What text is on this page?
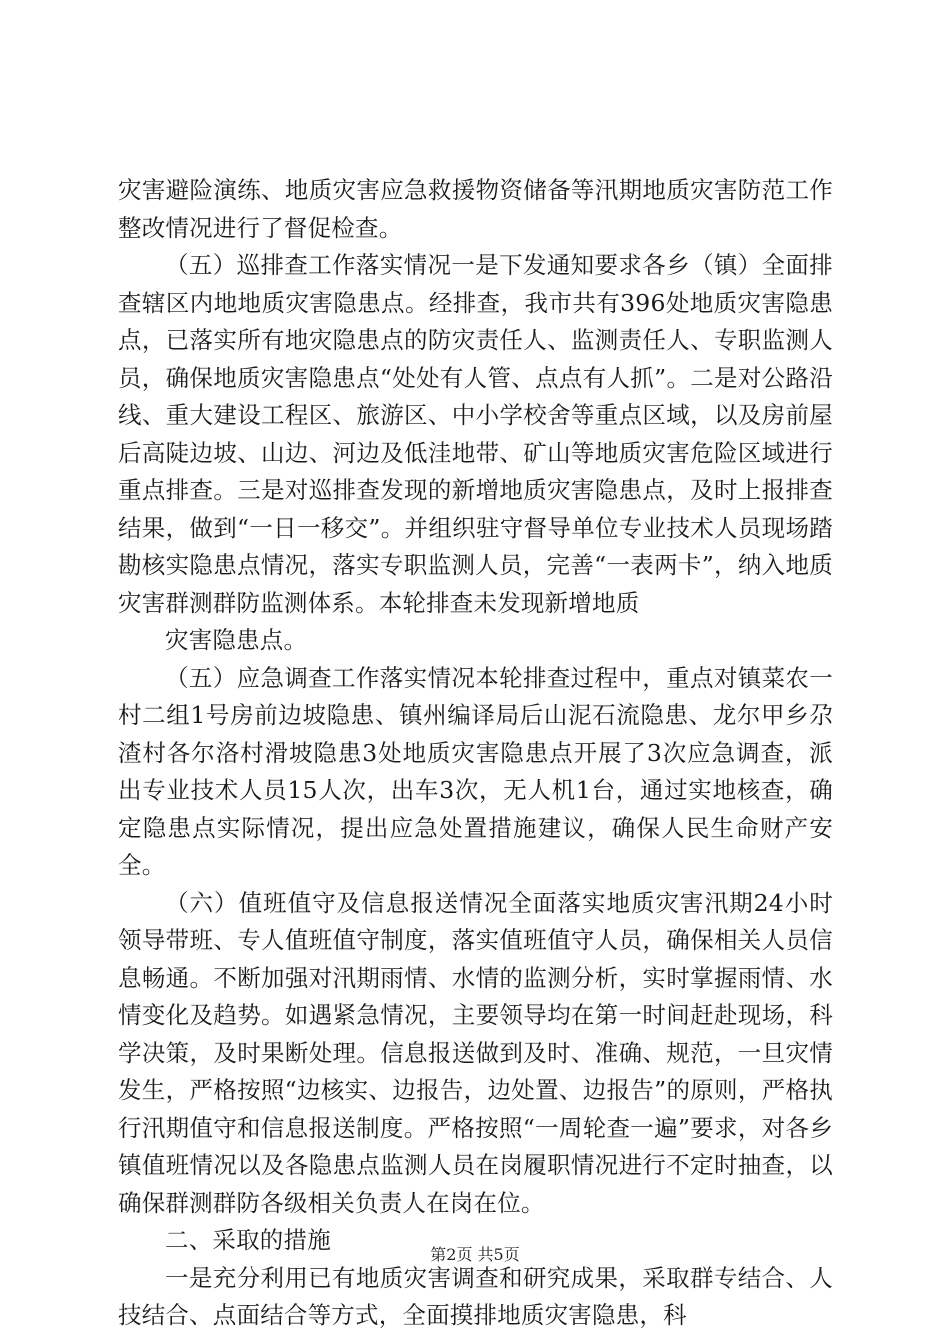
灾害避险演练、地质灾害应急救援物资储备等汛期地质灾害防范工作整改情况进行了督促检查。

（五）巡排查工作落实情况一是下发通知要求各乡（镇）全面排查辖区内地地质灾害隐患点。经排查，我市共有396处地质灾害隐患点，已落实所有地灾隐患点的防灾责任人、监测责任人、专职监测人员，确保地质灾害隐患点“处处有人管、点点有人抓”。二是对公路沿线、重大建设工程区、旅游区、中小学校舍等重点区域，以及房前屋后高陡边坡、山边、河边及低洼地带、矿山等地质灾害危险区域进行重点排查。三是对巡排查发现的新增地质灾害隐患点，及时上报排查结果，做到“一日一移交”。并组织驻守督导单位专业技术人员现场踏勘核实隐患点情况，落实专职监测人员，完善“一表两卡”，纳入地质灾害群测群防监测体系。本轮排查未发现新增地质

灾害隐患点。

（五）应急调查工作落实情况本轮排查过程中，重点对镇菜农一村二组1号房前边坡隐患、镇州编译局后山泥石流隐患、龙尔甲乡尕渣村各尔洛村滑坡隐患3处地质灾害隐患点开展了3次应急调查，派出专业技术人员15人次，出车3次，无人机1台，通过实地核查，确定隐患点实际情况，提出应急处置措施建议，确保人民生命财产安全。

（六）值班值守及信息报送情况全面落实地质灾害汛期24小时领导带班、专人值班值守制度，落实值班值守人员，确保相关人员信息畅通。不断加强对汛期雨情、水情的监测分析，实时掌握雨情、水情变化及趋势。如遇紧急情况，主要领导均在第一时间赶赴现场，科学决策，及时果断处理。信息报送做到及时、准确、规范，一旦灾情发生，严格按照“边核实、边报告，边处置、边报告”的原则，严格执行汛期值守和信息报送制度。严格按照“一周轮查一遍”要求，对各乡镇值班情况以及各隐患点监测人员在岗履职情况进行不定时抽查，以确保群测群防各级相关负责人在岗在位。

二、采取的措施

一是充分利用已有地质灾害调查和研究成果，采取群专结合、人技结合、点面结合等方式，全面摸排地质灾害隐患，科

第2页 共5页
